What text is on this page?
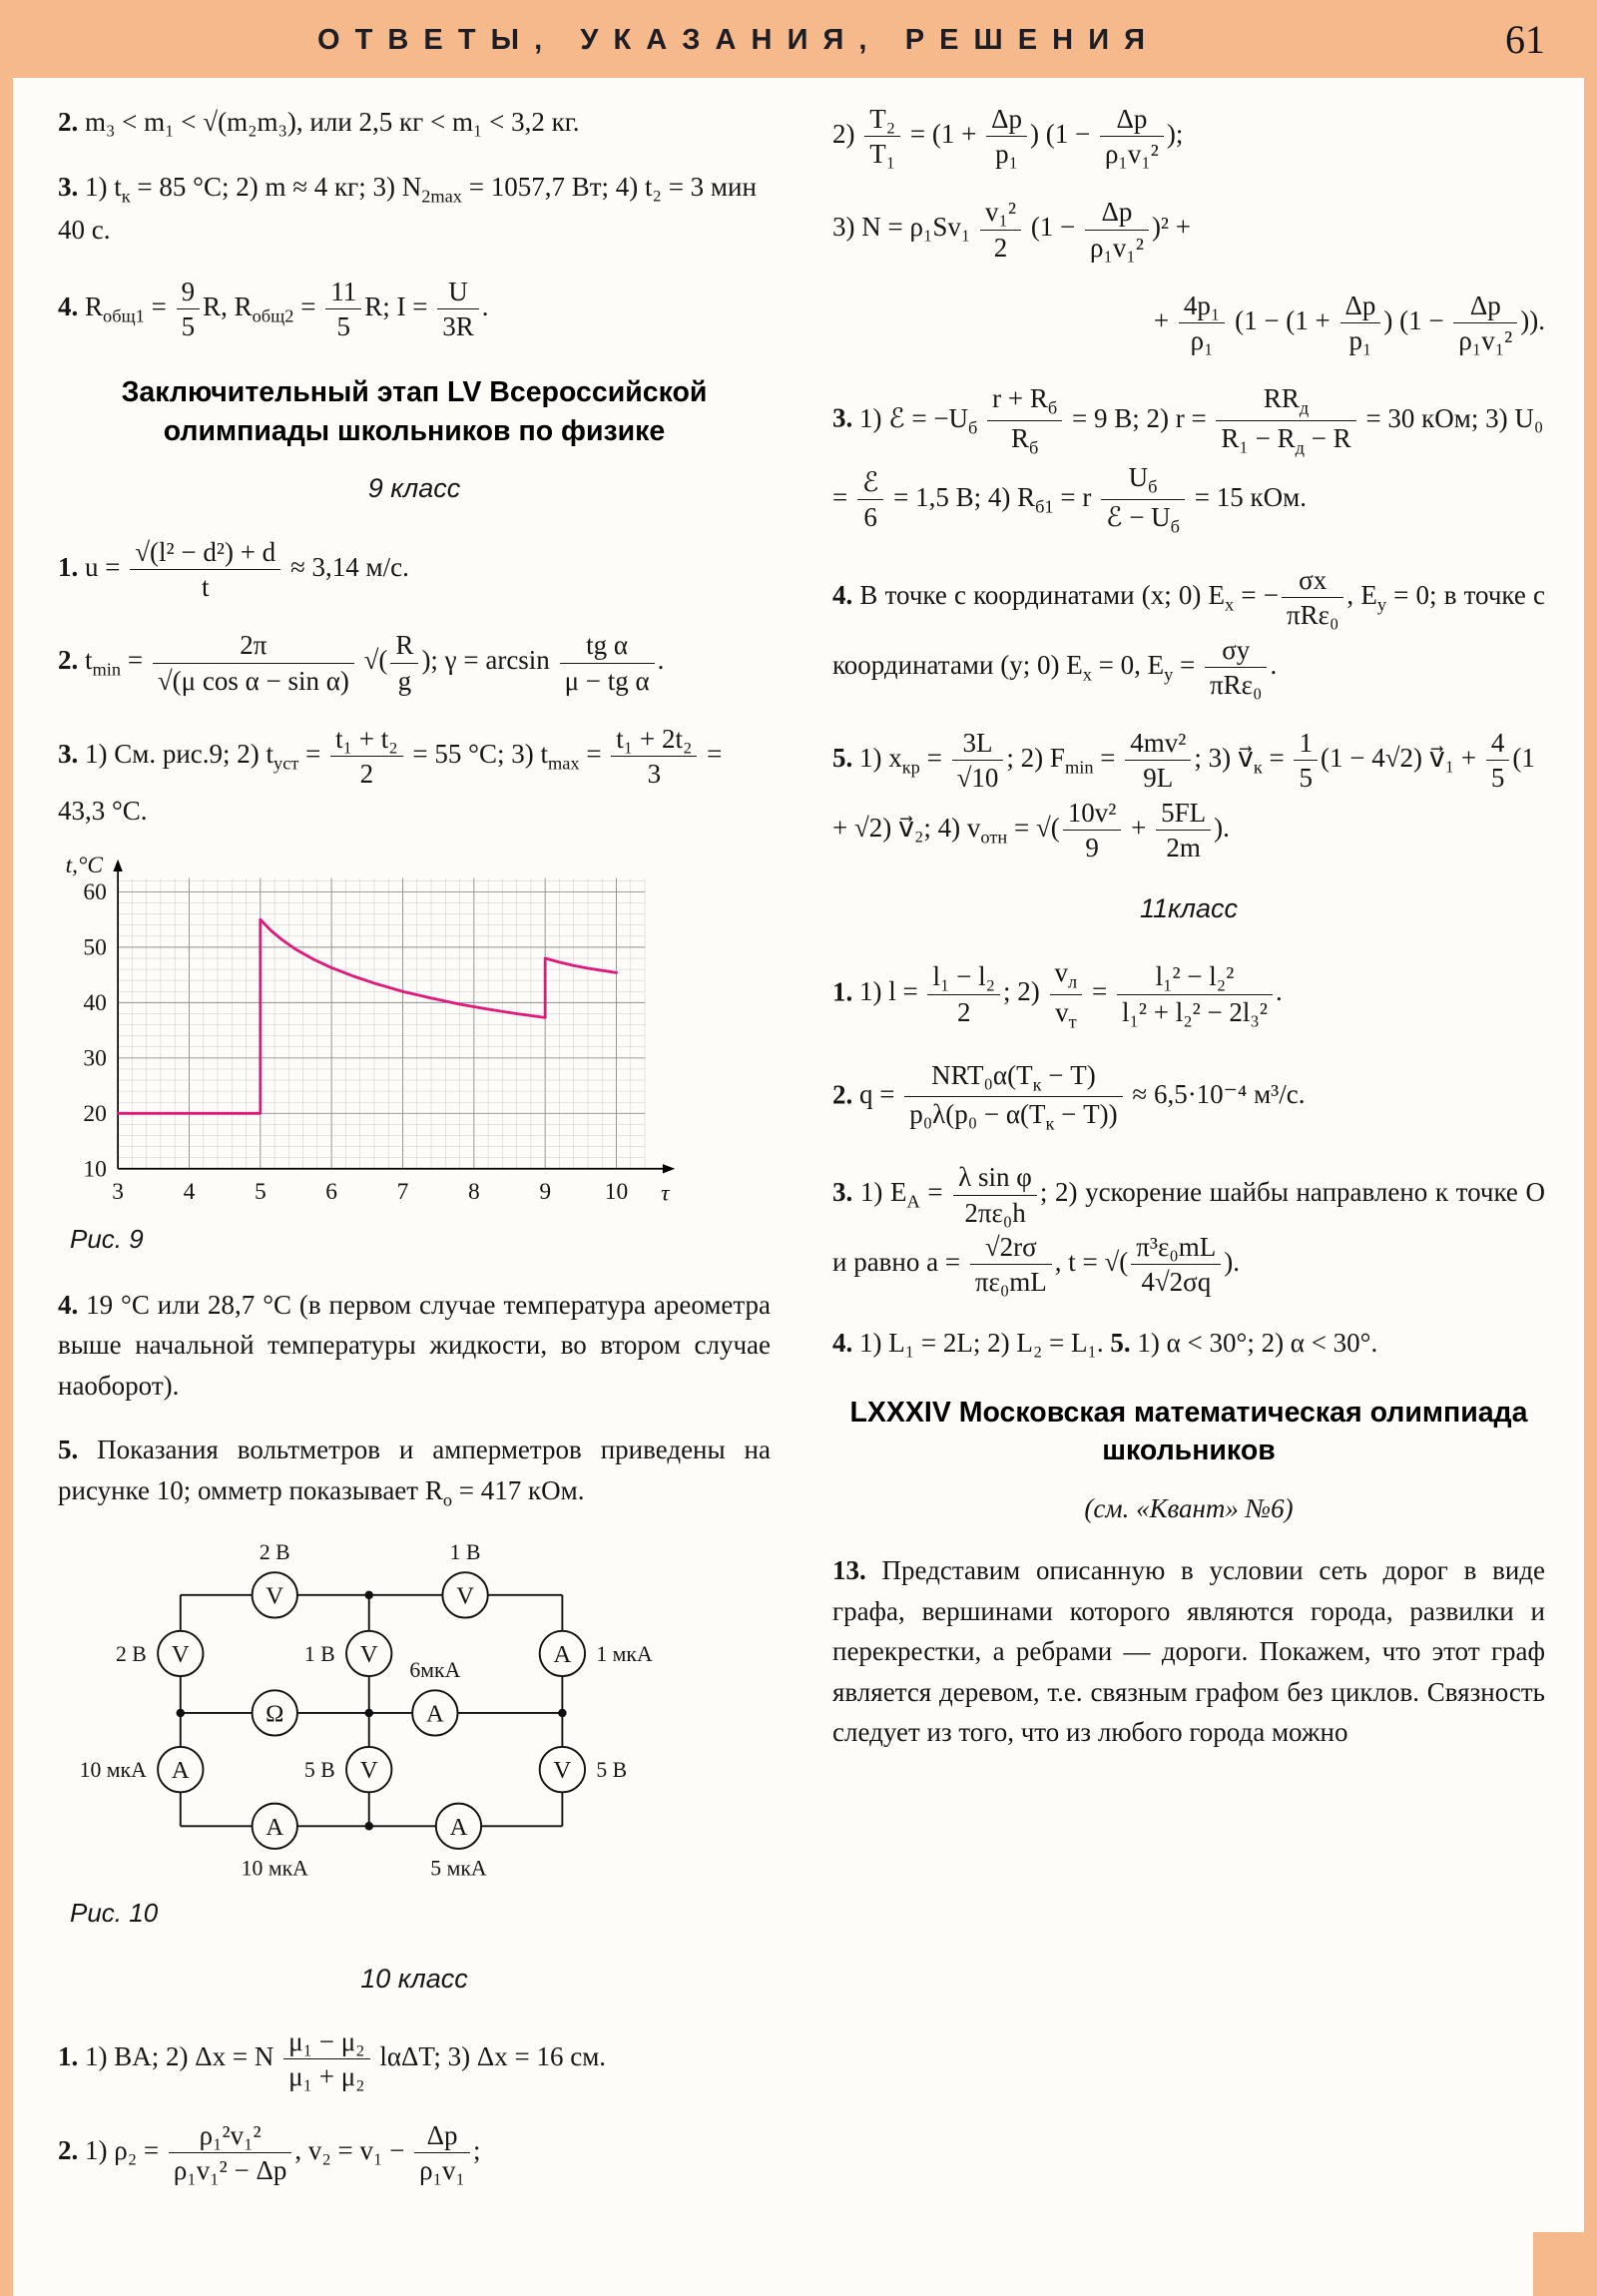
ОТВЕТЫ, УКАЗАНИЯ, РЕШЕНИЯ	61

2. m₃ < m₁ < √(m₂m₃), или 2,5 кг < m₁ < 3,2 кг.

3. 1) $t_к = 85$ °С; 2) m ≈ 4 кг; 3) $N_{2max} = 1057,7$ Вт; 4) t₂ = 3 мин 40 с.

4. $R_{общ1} = \frac{9}{5} R$, $R_{общ2} = \frac{11}{5} R$; $I = \frac{U}{3R}$ .

Заключительный этап LV Всероссийской олимпиады школьников по физике
9 класс

1. $u = \frac{\text{√(l² − d²) + d}}{t} \approx 3,14$ м/с.

2. $t_{min} = \frac{2\pi}{\text{√(μ cos α − sin α)}}$ √( $\frac{R}{g}$ ); $\gamma = \arcsin \frac{\text{tg α}}{\text{μ − tg α}}$ .

3. 1) См. рис.9; 2) $t_{уст} = \frac{\text{t₁ + t₂}}{2} = 55$ °С; 3) $t_{max} = \frac{\text{t₁ + 2t₂}}{3} = 43,3$ °С.

10
20
30
40
50
60
3 4 5 6 7 8 9 10
t,°C
τ
Рис. 9

4. 19 °С или 28,7 °С (в первом случае температура ареометра выше начальной температуры жидкости, во втором случае наоборот).

5. Показания вольтметров и амперметров приведены на рисунке 10; омметр показывает $R_о = 417$ кОм.

V
2 В
V
1 В
V
2 В	V
1 В	A 1 мкА
Ω	A
6мкА
A
10 мкА	V
5 В	V 5 В
A
10 мкА
A
5 мкА
Рис. 10
10 класс

1. 1) BA; 2) Δx = N $\frac{\text{μ₁ − μ₂}}{\text{μ₁ + μ₂}} l\alpha\Delta T$; 3) Δx = 16 см.

2. 1) $\rho_2 = \frac{\text{ρ₁²v₁²}}{\text{ρ₁v₁² − Δp}}$ , $v_2 = v_1 - \frac{\Delta p}{\text{ρ₁v₁}}$ ;

$2) \frac{\text{T₂}}{\text{T₁}} = (1 + \frac{\Delta p}{\text{p₁}}$ ) ($1 - \frac{\Delta p}{\text{ρ₁v₁²}}$ );

3) $N = \rho_1Sv_1 \frac{\text{v₁²}}{2} (1 - \frac{\Delta p}{\text{ρ₁v₁²}} )^2$ +

+ $\frac{\text{4p₁}}{\text{ρ₁}} (1 - (1 + \frac{\Delta p}{\text{p₁}}$ ) ($1 - \frac{\Delta p}{\text{ρ₁v₁²}}$ )).

3. 1) ℰ = $-U_б \frac{r + R_б}{R_б} = 9$ В; 2) $r = \frac{RR_д}{R_1 - R_д - R} = 30$ кОм; 3) $U_0 = \frac{\text{ℰ}}{6} = 1,5$ В; 4) $R_{б1} = r \frac{U_б}{ℰ - U_б} = 15$ кОм.

4. В точке с координатами (x; 0) $E_x$ = − $\frac{\sigma x}{\text{πRε₀}}$ , $E_y = 0$; в точке с координатами (y; 0) $E_x = 0$, $E_y = \frac{\sigma y}{\text{πRε₀}}$ .

5. 1) $x_{кр} = \frac{3L}{√10}$ ; 2) $F_{min} = \frac{\text{4mv²}}{9L}$ ; 3) $v⃗_к = \frac{1}{5} (1 - 4√2)$ v⃗₁ + $\frac{4}{5} (1 + √2)$ v⃗₂; 4) $v_{отн}$ = √( $\frac{\text{10v²}}{9} + \frac{5FL}{2m}$ ).

11класс

1. 1) $l = \frac{\text{l₁ − l₂}}{2}$ ; $2) \frac{v_л}{v_т} = \frac{\text{l₁² − l₂²}}{\text{l₁² + l₂² − 2l₃²}}$ .

2. $q = \frac{NRT_0\alpha(T_к - T)}{p_0\lambda(p_0 - \alpha(T_к - T))} \approx 6,5\cdot 10^{-4}$ м³/с.

3. 1) $E_A = \frac{\text{λ sin φ}}{\text{2πε₀h}}$ ; 2) ускорение шайбы направлено к точке O и равно $a = \frac{√2r\sigma}{\text{πε₀mL}}$ , t = √( $\frac{\text{π³ε₀mL}}{4√2\sigma q}$ ).

4. 1) L₁ = 2L; 2) L₂ = L₁. 5. 1) α < 30°; 2) α < 30°.

LXXXIV Московская математическая олимпиада школьников
(см. «Квант» №6)

13. Представим описанную в условии сеть дорог в виде графа, вершинами которого являются города, развилки и перекрестки, а ребрами — дороги. Покажем, что этот граф является деревом, т.е. связным графом без циклов. Связность следует из того, что из любого города можно
